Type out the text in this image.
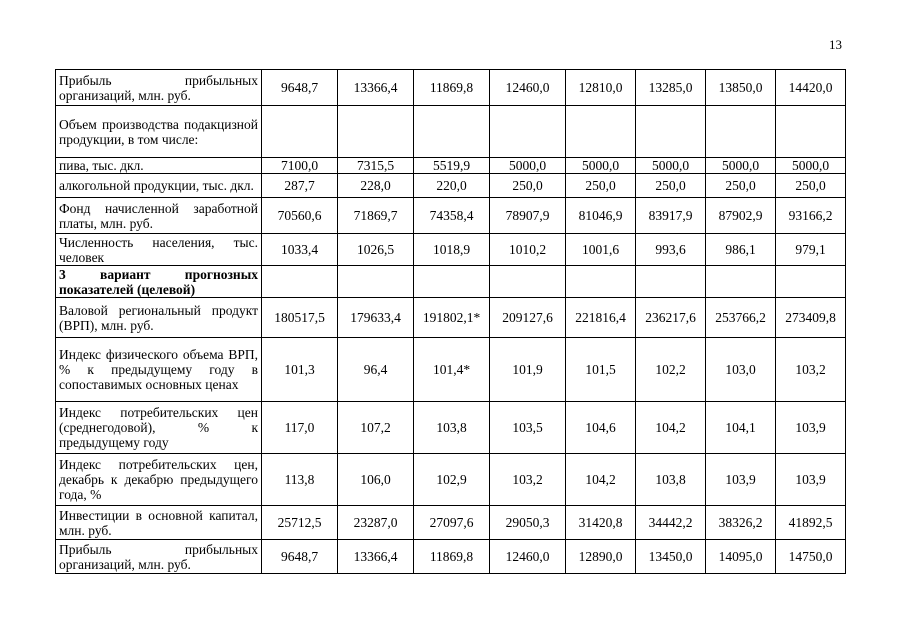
13
Прибыль прибыльных организаций, млн. руб.	9648,7	13366,4	11869,8	12460,0	12810,0	13285,0	13850,0	14420,0
Объем производства подакцизной продукции, в том числе:								
пива, тыс. дкл.	7100,0	7315,5	5519,9	5000,0	5000,0	5000,0	5000,0	5000,0
алкогольной продукции, тыс. дкл.	287,7	228,0	220,0	250,0	250,0	250,0	250,0	250,0
Фонд начисленной заработной платы, млн. руб.	70560,6	71869,7	74358,4	78907,9	81046,9	83917,9	87902,9	93166,2
Численность населения, тыс. человек	1033,4	1026,5	1018,9	1010,2	1001,6	993,6	986,1	979,1
3 вариант прогнозных показателей (целевой)								
Валовой региональный продукт (ВРП), млн. руб.	180517,5	179633,4	191802,1*	209127,6	221816,4	236217,6	253766,2	273409,8
Индекс физического объема ВРП, % к предыдущему году в сопоставимых основных ценах	101,3	96,4	101,4*	101,9	101,5	102,2	103,0	103,2
Индекс потребительских цен (среднегодовой), % к предыдущему году	117,0	107,2	103,8	103,5	104,6	104,2	104,1	103,9
Индекс потребительских цен, декабрь к декабрю предыдущего года, %	113,8	106,0	102,9	103,2	104,2	103,8	103,9	103,9
Инвестиции в основной капитал, млн. руб.	25712,5	23287,0	27097,6	29050,3	31420,8	34442,2	38326,2	41892,5
Прибыль прибыльных организаций, млн. руб.	9648,7	13366,4	11869,8	12460,0	12890,0	13450,0	14095,0	14750,0
